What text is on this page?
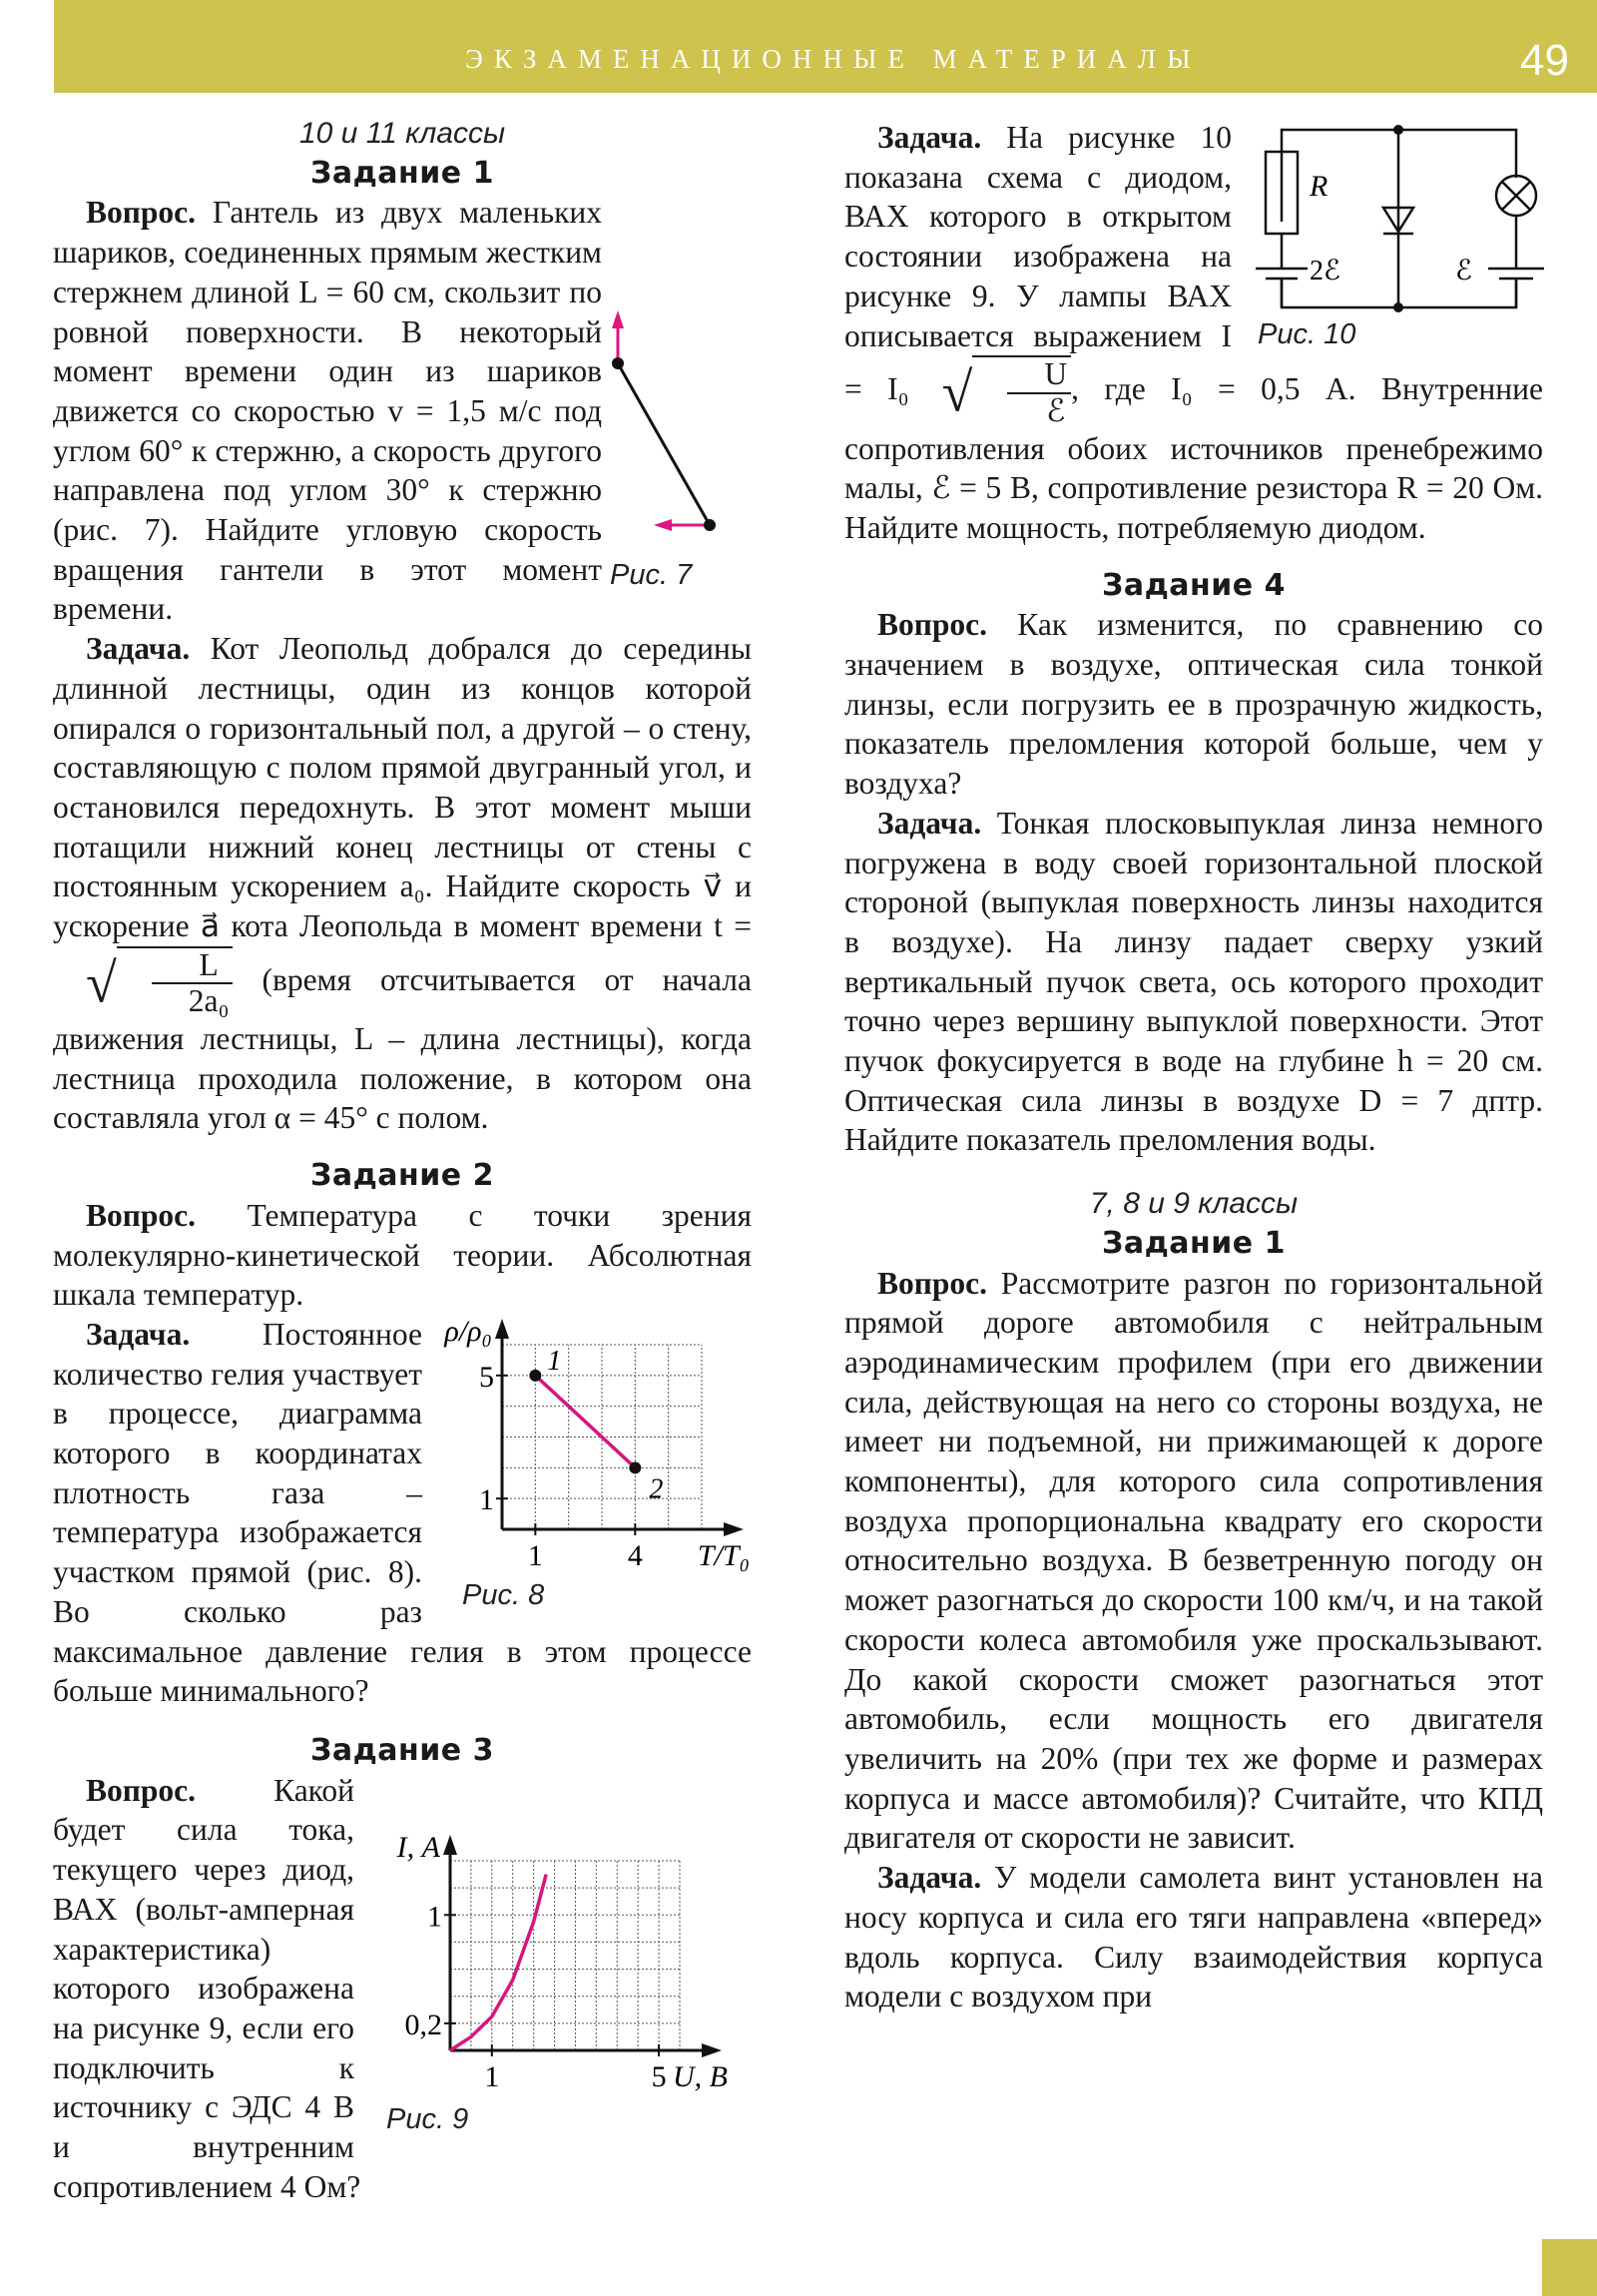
ЭКЗАМЕНАЦИОННЫЕ МАТЕРИАЛЫ	49
10 и 11 классы
Задание 1
Рис. 7

Вопрос. Гантель из двух маленьких шариков, соединенных прямым жестким стержнем длиной L = 60 см, скользит по ровной поверхности. В некоторый момент времени один из шариков движется со скоростью v = 1,5 м/с под углом 60° к стержню, а скорость другого направлена под углом 30° к стержню (рис. 7). Найдите угловую скорость вращения гантели в этот момент времени.

Задача. Кот Леопольд добрался до середины длинной лестницы, один из концов которой опирался о горизонтальный пол, а другой – о стену, составляющую с полом прямой двугранный угол, и остановился передохнуть. В этот момент мыши потащили нижний конец лестницы от стены с постоянным ускорением a₀. Найдите скорость v⃗ и ускорение a⃗ кота Леопольда в момент времени t = √ $\frac{L}{\text{2a₀}}$ (время отсчитывается от начала движения лестницы, L – длина лестницы), когда лестница проходила положение, в котором она составляла угол α = 45° с полом.

Задание 2

Вопрос. Температура с точки зрения молекулярно-кинетической теории. Абсолютная шкала температур.

1	4
1
5
T/T₀
ρ/ρ₀
1
2
Рис. 8

Задача. Постоянное количество гелия участвует в процессе, диаграмма которого в координатах плотность газа – температура изображается участком прямой (рис. 8). Во сколько раз максимальное давление гелия в этом процессе больше минимального?

Задание 3
1	5
0,2
1
U, В
I, А
Рис. 9

Вопрос. Какой будет сила тока, текущего через диод, ВАХ (вольт-амперная характеристика) которого изображена на рисунке 9, если его подключить к источнику с ЭДС 4 В и внутренним сопротивлением 4 Ом?

R
2ℰ	ℰ
Рис. 10

Задача. На рисунке 10 показана схема с диодом, ВАХ которого в открытом состоянии изображена на рисунке 9. У лампы ВАХ описывается выражением I = I₀ √ $\frac{U}{\text{ℰ}}$ , где I₀ = 0,5 А. Внутренние сопротивления обоих источников пренебрежимо малы, ℰ = 5 В, сопротивление резистора R = 20 Ом. Найдите мощность, потребляемую диодом.

Задание 4

Вопрос. Как изменится, по сравнению со значением в воздухе, оптическая сила тонкой линзы, если погрузить ее в прозрачную жидкость, показатель преломления которой больше, чем у воздуха?

Задача. Тонкая плосковыпуклая линза немного погружена в воду своей горизонтальной плоской стороной (выпуклая поверхность линзы находится в воздухе). На линзу падает сверху узкий вертикальный пучок света, ось которого проходит точно через вершину выпуклой поверхности. Этот пучок фокусируется в воде на глубине h = 20 см. Оптическая сила линзы в воздухе D = 7 дптр. Найдите показатель преломления воды.

7, 8 и 9 классы
Задание 1

Вопрос. Рассмотрите разгон по горизонтальной прямой дороге автомобиля с нейтральным аэродинамическим профилем (при его движении сила, действующая на него со стороны воздуха, не имеет ни подъемной, ни прижимающей к дороге компоненты), для которого сила сопротивления воздуха пропорциональна квадрату его скорости относительно воздуха. В безветренную погоду он может разогнаться до скорости 100 км/ч, и на такой скорости колеса автомобиля уже проскальзывают. До какой скорости сможет разогнаться этот автомобиль, если мощность его двигателя увеличить на 20% (при тех же форме и размерах корпуса и массе автомобиля)? Считайте, что КПД двигателя от скорости не зависит.

Задача. У модели самолета винт установлен на носу корпуса и сила его тяги направлена «вперед» вдоль корпуса. Силу взаимодействия корпуса модели с воздухом при
